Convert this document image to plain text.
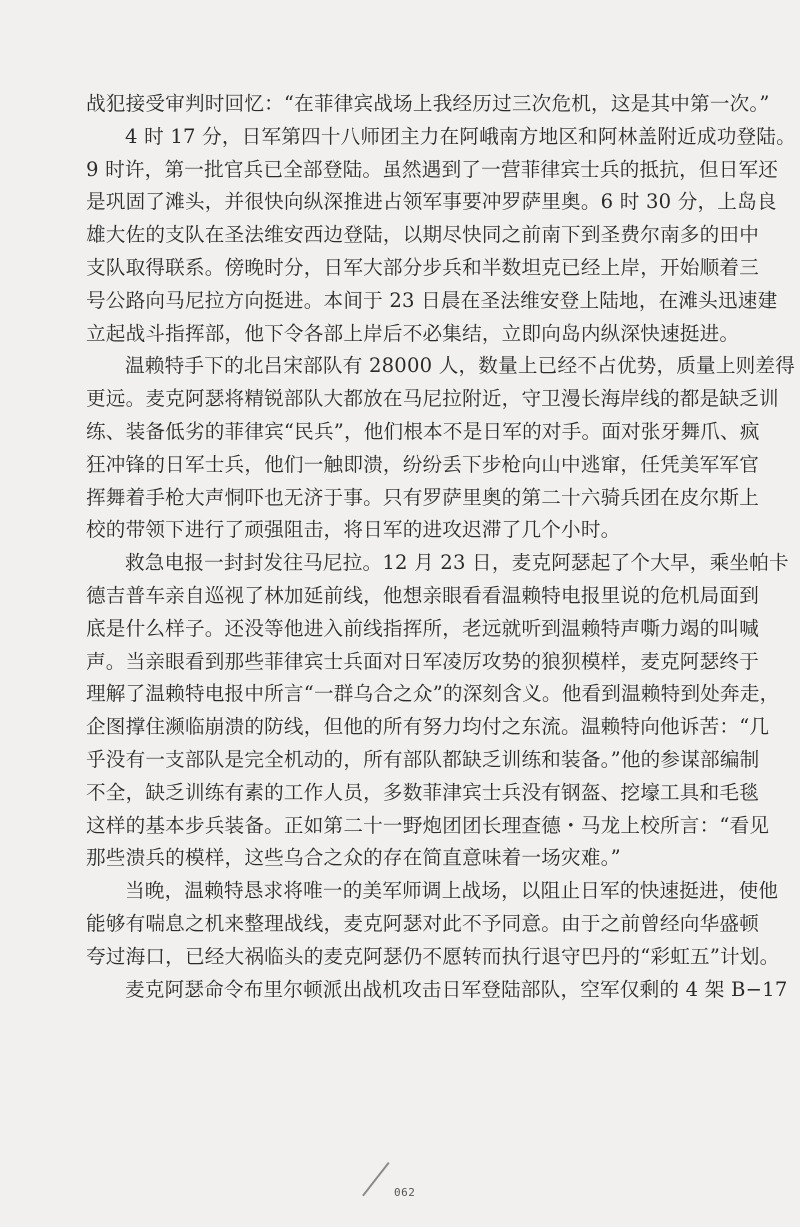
战犯接受审判时回忆：“在菲律宾战场上我经历过三次危机，这是其中第一次。”
4 时 17 分，日军第四十八师团主力在阿峨南方地区和阿林盖附近成功登陆。
9 时许，第一批官兵已全部登陆。虽然遇到了一营菲律宾士兵的抵抗，但日军还
是巩固了滩头，并很快向纵深推进占领军事要冲罗萨里奥。6 时 30 分，上岛良
雄大佐的支队在圣法维安西边登陆，以期尽快同之前南下到圣费尔南多的田中
支队取得联系。傍晚时分，日军大部分步兵和半数坦克已经上岸，开始顺着三
号公路向马尼拉方向挺进。本间于 23 日晨在圣法维安登上陆地，在滩头迅速建
立起战斗指挥部，他下令各部上岸后不必集结，立即向岛内纵深快速挺进。
温赖特手下的北吕宋部队有 28000 人，数量上已经不占优势，质量上则差得
更远。麦克阿瑟将精锐部队大都放在马尼拉附近，守卫漫长海岸线的都是缺乏训
练、装备低劣的菲律宾“民兵”，他们根本不是日军的对手。面对张牙舞爪、疯
狂冲锋的日军士兵，他们一触即溃，纷纷丢下步枪向山中逃窜，任凭美军军官
挥舞着手枪大声恫吓也无济于事。只有罗萨里奥的第二十六骑兵团在皮尔斯上
校的带领下进行了顽强阻击，将日军的进攻迟滞了几个小时。
救急电报一封封发往马尼拉。12 月 23 日，麦克阿瑟起了个大早，乘坐帕卡
德吉普车亲自巡视了林加延前线，他想亲眼看看温赖特电报里说的危机局面到
底是什么样子。还没等他进入前线指挥所，老远就听到温赖特声嘶力竭的叫喊
声。当亲眼看到那些菲律宾士兵面对日军凌厉攻势的狼狈模样，麦克阿瑟终于
理解了温赖特电报中所言“一群乌合之众”的深刻含义。他看到温赖特到处奔走，
企图撑住濒临崩溃的防线，但他的所有努力均付之东流。温赖特向他诉苦：“几
乎没有一支部队是完全机动的，所有部队都缺乏训练和装备。”他的参谋部编制
不全，缺乏训练有素的工作人员，多数菲津宾士兵没有钢盔、挖壕工具和毛毯
这样的基本步兵装备。正如第二十一野炮团团长理查德・马龙上校所言：“看见
那些溃兵的模样，这些乌合之众的存在简直意味着一场灾难。”
当晚，温赖特恳求将唯一的美军师调上战场，以阻止日军的快速挺进，使他
能够有喘息之机来整理战线，麦克阿瑟对此不予同意。由于之前曾经向华盛顿
夸过海口，已经大祸临头的麦克阿瑟仍不愿转而执行退守巴丹的“彩虹五”计划。
麦克阿瑟命令布里尔顿派出战机攻击日军登陆部队，空军仅剩的 4 架 B−17
062
